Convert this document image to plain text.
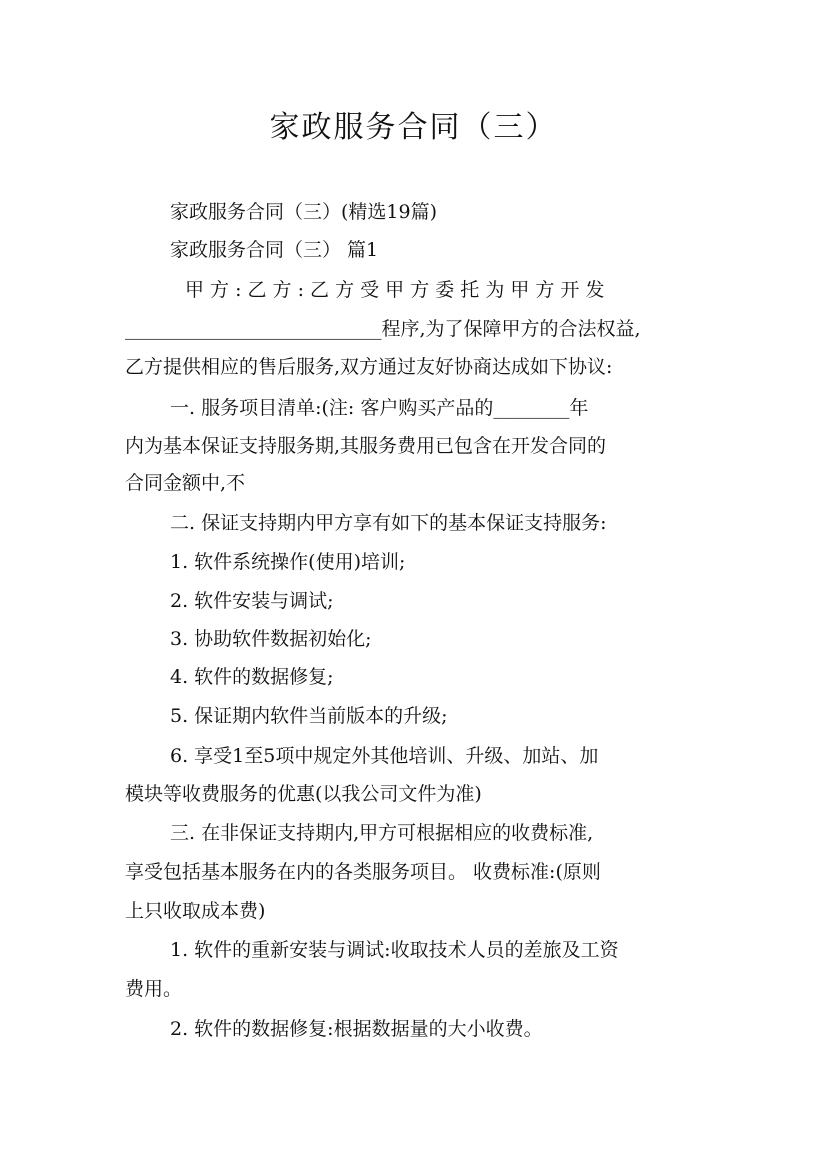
家政服务合同（三）
家政服务合同（三）(精选19篇)
家政服务合同（三） 篇1
甲 方 : 乙 方 : 乙 方 受 甲 方 委 托 为 甲 方 开 发
___________________________程序,为了保障甲方的合法权益,
乙方提供相应的售后服务,双方通过友好协商达成如下协议:
一. 服务项目清单:(注: 客户购买产品的________年
内为基本保证支持服务期,其服务费用已包含在开发合同的
合同金额中,不
二. 保证支持期内甲方享有如下的基本保证支持服务:
1. 软件系统操作(使用)培训;
2. 软件安装与调试;
3. 协助软件数据初始化;
4. 软件的数据修复;
5. 保证期内软件当前版本的升级;
6. 享受1至5项中规定外其他培训、升级、加站、加
模块等收费服务的优惠(以我公司文件为准)
三. 在非保证支持期内,甲方可根据相应的收费标准,
享受包括基本服务在内的各类服务项目。 收费标准:(原则
上只收取成本费)
1. 软件的重新安装与调试:收取技术人员的差旅及工资
费用。
2. 软件的数据修复:根据数据量的大小收费。
